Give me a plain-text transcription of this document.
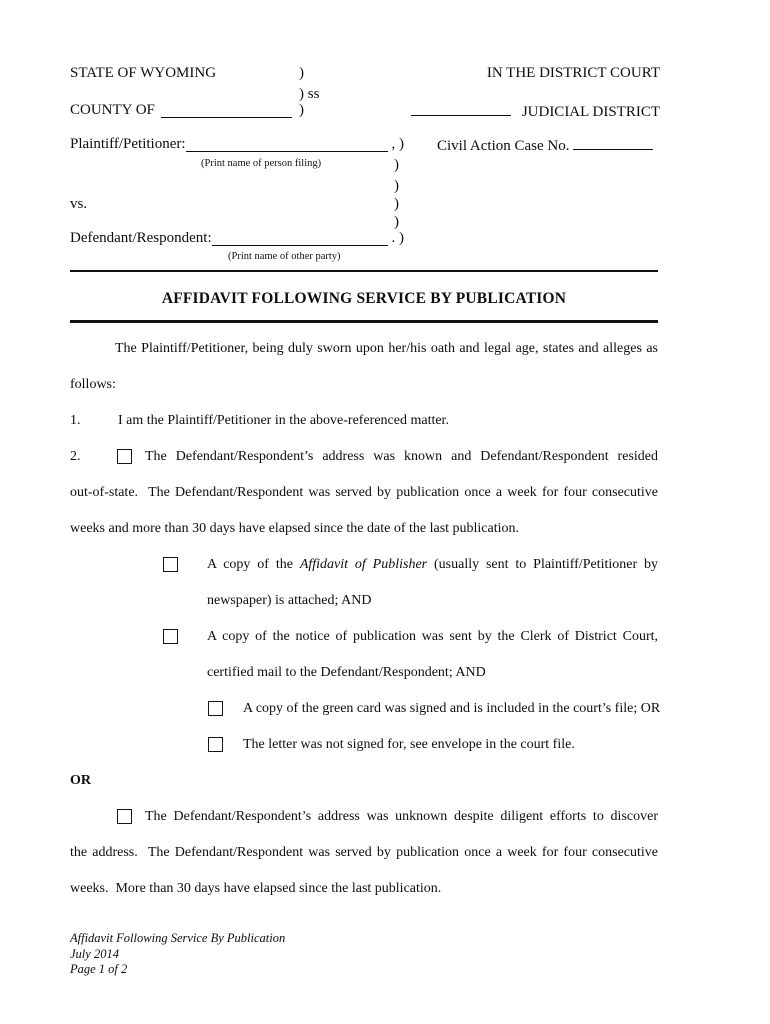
STATE OF WYOMING	)	IN THE DISTRICT COURT
) ss
COUNTY OF	)	JUDICIAL DISTRICT
Plaintiff/Petitioner:	, ) Civil Action Case No.
(Print name of person filing)	)
)
vs.	)
)
Defendant/Respondent:	. )
(Print name of other party)
AFFIDAVIT FOLLOWING SERVICE BY PUBLICATION
The Plaintiff/Petitioner, being duly sworn upon her/his oath and legal age, states and alleges as
follows:
1.	I am the Plaintiff/Petitioner in the above-referenced matter.
2.	The Defendant/Respondent’s address was known and Defendant/Respondent resided
out-of-state.  The Defendant/Respondent was served by publication once a week for four consecutive
weeks and more than 30 days have elapsed since the date of the last publication.
A copy of the Affidavit of Publisher (usually sent to Plaintiff/Petitioner by
newspaper) is attached; AND
A copy of the notice of publication was sent by the Clerk of District Court,
certified mail to the Defendant/Respondent; AND
A copy of the green card was signed and is included in the court’s file; OR
The letter was not signed for, see envelope in the court file.
OR
The Defendant/Respondent’s address was unknown despite diligent efforts to discover
the address.  The Defendant/Respondent was served by publication once a week for four consecutive
weeks.  More than 30 days have elapsed since the last publication.
Affidavit Following Service By Publication
July 2014
Page 1 of 2
